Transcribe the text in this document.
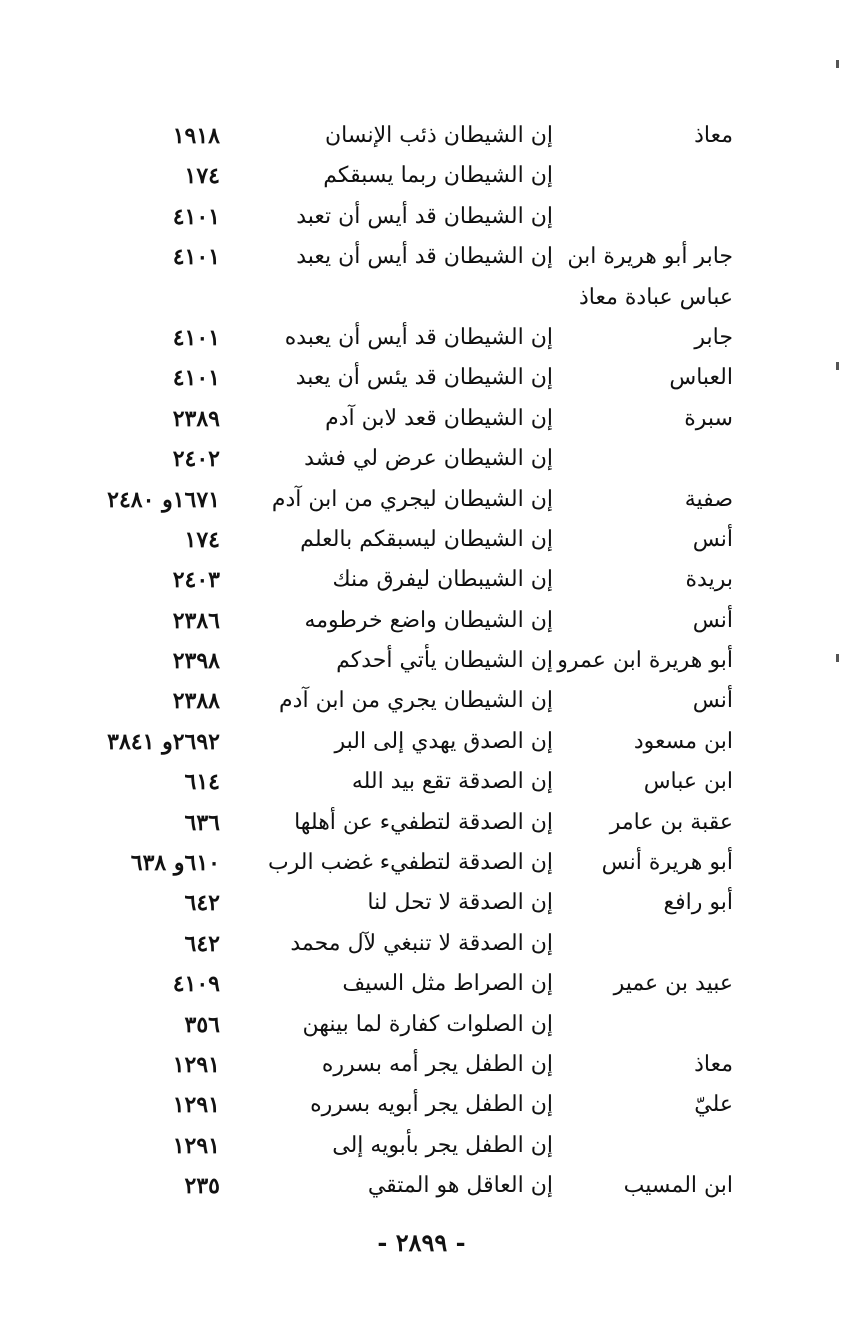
معاذ
إن الشيطان ذئب الإنسان
١٩١٨
إن الشيطان ربما يسبقكم
١٧٤
إن الشيطان قد أيس أن تعبد
٤١٠١
جابر أبو هريرة ابن
إن الشيطان قد أيس أن يعبد
٤١٠١
عباس عبادة معاذ
جابر
إن الشيطان قد أيس أن يعبده
٤١٠١
العباس
إن الشيطان قد يئس أن يعبد
٤١٠١
سبرة
إن الشيطان قعد لابن آدم
٢٣٨٩
إن الشيطان عرض لي فشد
٢٤٠٢
صفية
إن الشيطان ليجري من ابن آدم
١٦٧١و ٢٤٨٠
أنس
إن الشيطان ليسبقكم بالعلم
١٧٤
بريدة
إن الشيبطان ليفرق منك
٢٤٠٣
أنس
إن الشيطان واضع خرطومه
٢٣٨٦
أبو هريرة ابن عمرو
إن الشيطان يأتي أحدكم
٢٣٩٨
أنس
إن الشيطان يجري من ابن آدم
٢٣٨٨
ابن مسعود
إن الصدق يهدي إلى البر
٢٦٩٢و ٣٨٤١
ابن عباس
إن الصدقة تقع بيد الله
٦١٤
عقبة بن عامر
إن الصدقة لتطفيء عن أهلها
٦٣٦
أبو هريرة أنس
إن الصدقة لتطفيء غضب الرب
٦١٠و ٦٣٨
أبو رافع
إن الصدقة لا تحل لنا
٦٤٢
إن الصدقة لا تنبغي لآل محمد
٦٤٢
عبيد بن عمير
إن الصراط مثل السيف
٤١٠٩
إن الصلوات كفارة لما بينهن
٣٥٦
معاذ
إن الطفل يجر أمه بسرره
١٢٩١
عليّ
إن الطفل يجر أبويه بسرره
١٢٩١
إن الطفل يجر بأبويه إلى
١٢٩١
ابن المسيب
إن العاقل هو المتقي
٢٣٥
- ٢٨٩٩ -
